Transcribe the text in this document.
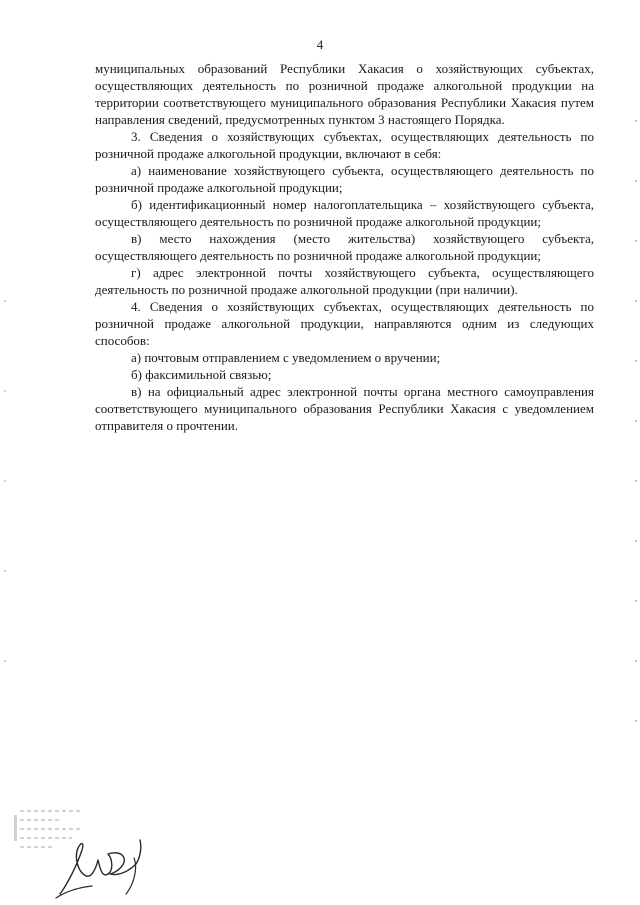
4

муниципальных образований Республики Хакасия о хозяйствующих субъектах, осуществляющих деятельность по розничной продаже алкогольной продукции на территории соответствующего муниципального образования Республики Хакасия путем направления сведений, предусмотренных пунктом 3 настоящего Порядка.

3. Сведения о хозяйствующих субъектах, осуществляющих деятельность по розничной продаже алкогольной продукции, включают в себя:

а) наименование хозяйствующего субъекта, осуществляющего деятельность по розничной продаже алкогольной продукции;

б) идентификационный номер налогоплательщика – хозяйствующего субъекта, осуществляющего деятельность по розничной продаже алкогольной продукции;

в) место нахождения (место жительства) хозяйствующего субъекта, осуществляющего деятельность по розничной продаже алкогольной продукции;

г) адрес электронной почты хозяйствующего субъекта, осуществляющего деятельность по розничной продаже алкогольной продукции (при наличии).

4. Сведения о хозяйствующих субъектах, осуществляющих деятельность по розничной продаже алкогольной продукции, направляются одним из следующих способов:

а) почтовым отправлением с уведомлением о вручении;

б) факсимильной связью;

в) на официальный адрес электронной почты органа местного самоуправления соответствующего муниципального образования Республики Хакасия с уведомлением отправителя о прочтении.
